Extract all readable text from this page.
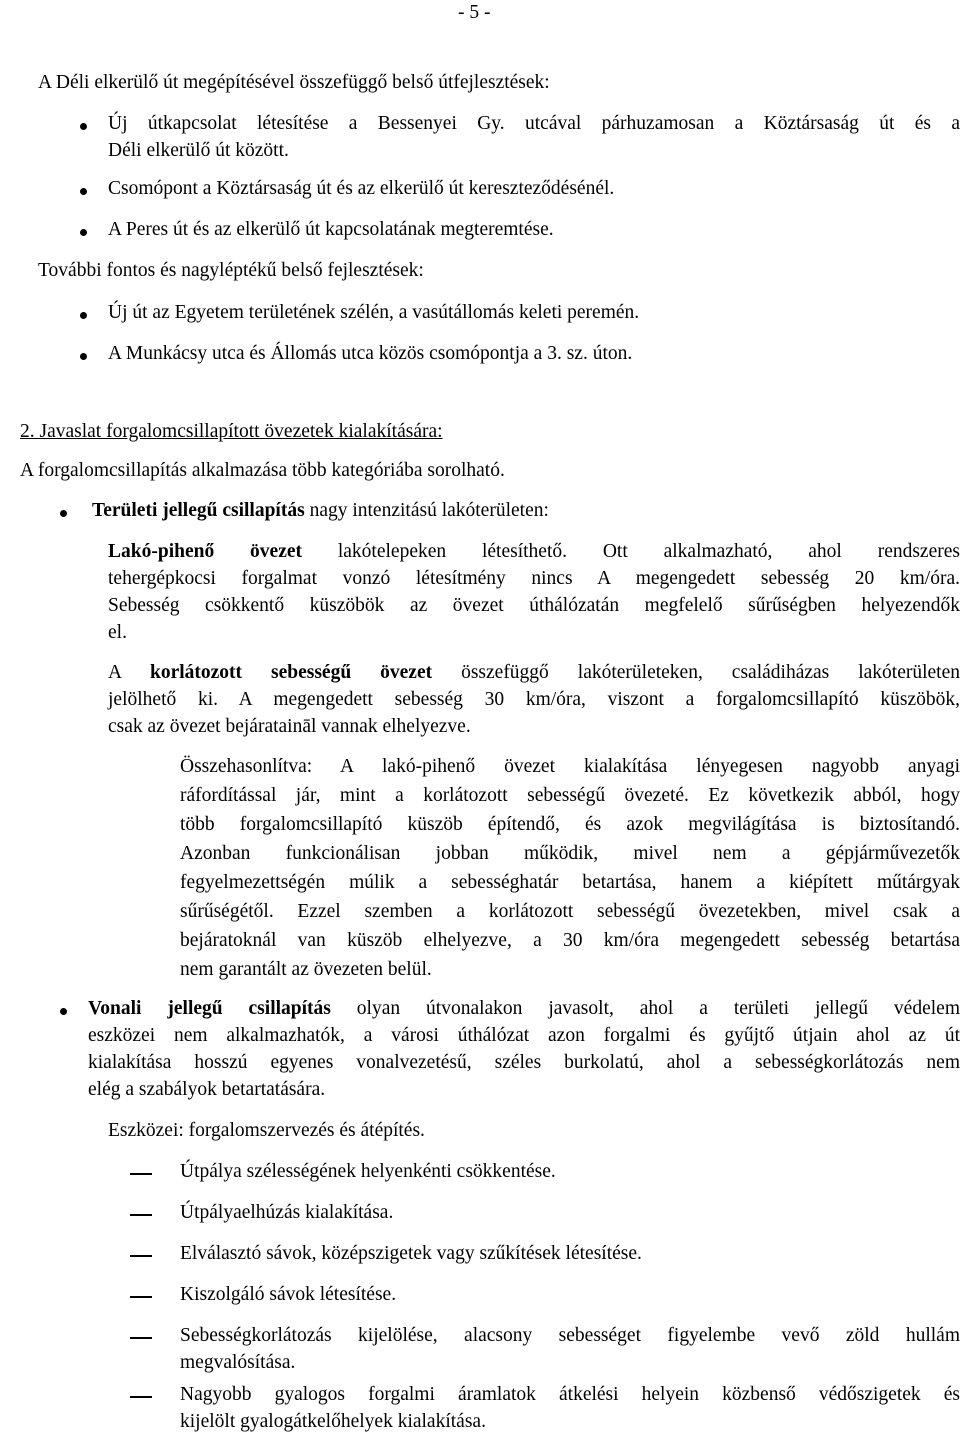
- 5 -
A Déli elkerülő út megépítésével összefüggő belső útfejlesztések:
Új útkapcsolat létesítése a Bessenyei Gy. utcával párhuzamosan a Köztársaság út és a
Déli elkerülő út között.
Csomópont a Köztársaság út és az elkerülő út kereszteződésénél.
A Peres út és az elkerülő út kapcsolatának megteremtése.
További fontos és nagyléptékű belső fejlesztések:
Új út az Egyetem területének szélén, a vasútállomás keleti peremén.
A Munkácsy utca és Állomás utca közös csomópontja a 3. sz. úton.
2. Javaslat forgalomcsillapított övezetek kialakítására:
A forgalomcsillapítás alkalmazása több kategóriába sorolható.
Területi jellegű csillapítás nagy intenzitású lakóterületen:
Lakó-pihenő övezet lakótelepeken létesíthető. Ott alkalmazható, ahol rendszeres
tehergépkocsi forgalmat vonzó létesítmény nincs A megengedett sebesség 20 km/óra.
Sebesség csökkentő küszöbök az övezet úthálózatán megfelelő sűrűségben helyezendők
el.
A korlátozott sebességű övezet összefüggő lakóterületeken, családiházas lakóterületen
jelölhető ki. A megengedett sebesség 30 km/óra, viszont a forgalomcsillapító küszöbök,
csak az övezet bejárataināl vannak elhelyezve.
Összehasonlítva: A lakó-pihenő övezet kialakítása lényegesen nagyobb anyagi
ráfordítással jár, mint a korlátozott sebességű övezeté. Ez következik abból, hogy
több forgalomcsillapító küszöb építendő, és azok megvilágítása is biztosítandó.
Azonban funkcionálisan jobban működik, mivel nem a gépjárművezetők
fegyelmezettségén múlik a sebességhatár betartása, hanem a kiépített műtárgyak
sűrűségétől. Ezzel szemben a korlátozott sebességű övezetekben, mivel csak a
bejáratoknál van küszöb elhelyezve, a 30 km/óra megengedett sebesség betartása
nem garantált az övezeten belül.
Vonali jellegű csillapítás olyan útvonalakon javasolt, ahol a területi jellegű védelem
eszközei nem alkalmazhatók, a városi úthálózat azon forgalmi és gyűjtő útjain ahol az út
kialakítása hosszú egyenes vonalvezetésű, széles burkolatú, ahol a sebességkorlátozás nem
elég a szabályok betartatására.
Eszközei: forgalomszervezés és átépítés.
Útpálya szélességének helyenkénti csökkentése.
Útpályaelhúzás kialakítása.
Elválasztó sávok, középszigetek vagy szűkítések létesítése.
Kiszolgáló sávok létesítése.
Sebességkorlátozás kijelölése, alacsony sebességet figyelembe vevő zöld hullám
megvalósítása.
Nagyobb gyalogos forgalmi áramlatok átkelési helyein közbenső védőszigetek és
kijelölt gyalogátkelőhelyek kialakítása.
